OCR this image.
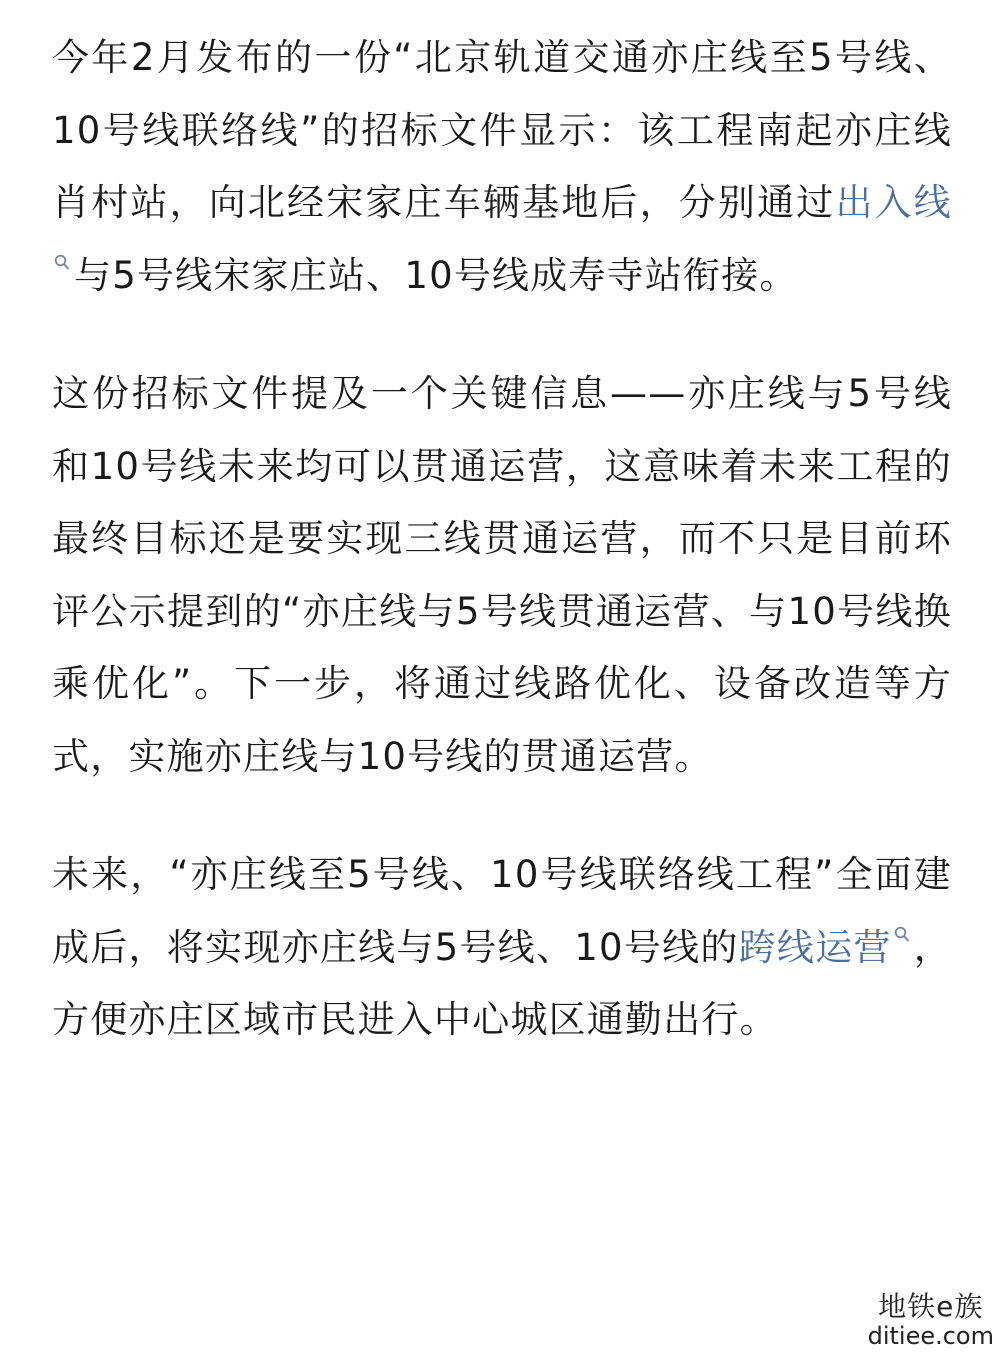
今年2月发布的一份“北京轨道交通亦庄线至5号线、10号线联络线”的招标文件显示：该工程南起亦庄线肖村站，向北经宋家庄车辆基地后，分别通过出入线
与5号线宋家庄站、10号线成寿寺站衔接。

这份招标文件提及一个关键信息——亦庄线与5号线和10号线未来均可以贯通运营，这意味着未来工程的最终目标还是要实现三线贯通运营，而不只是目前环评公示提到的“亦庄线与5号线贯通运营、与10号线换乘优化”。下一步，将通过线路优化、设备改造等方式，实施亦庄线与10号线的贯通运营。

未来，“亦庄线至5号线、10号线联络线工程”全面建成后，将实现亦庄线与5号线、10号线的跨线运营 ，方便亦庄区域市民进入中心城区通勤出行。

地铁e族
ditiee.com
